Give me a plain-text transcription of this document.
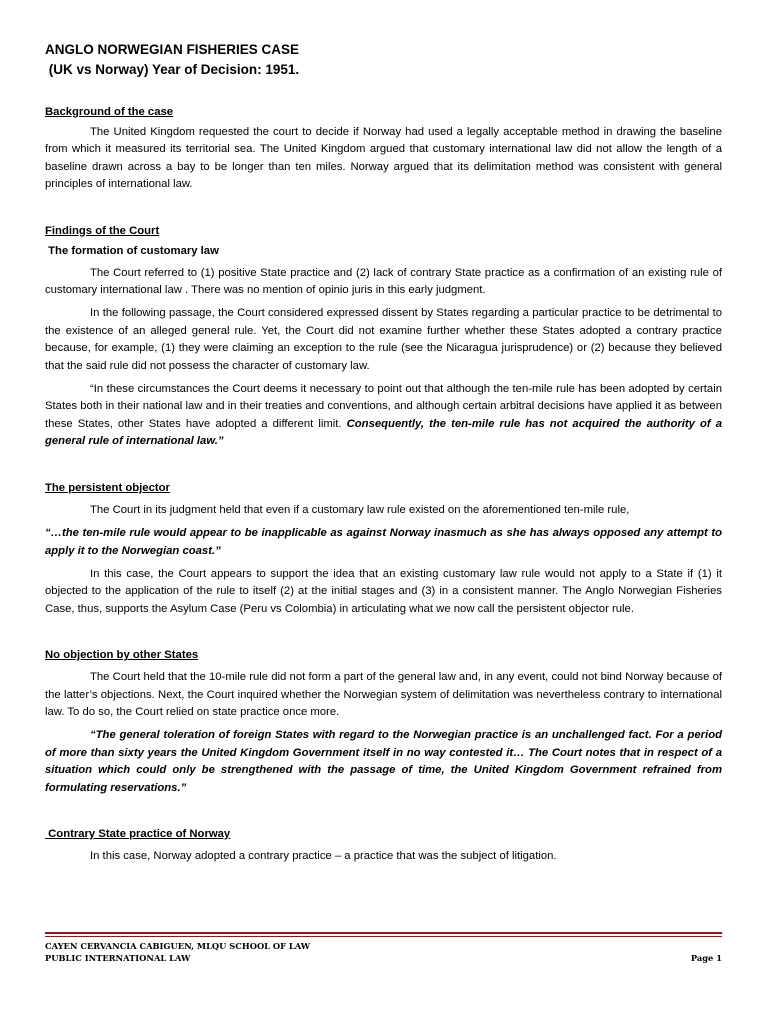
ANGLO NORWEGIAN FISHERIES CASE
(UK vs Norway) Year of Decision: 1951.
Background of the case

The United Kingdom requested the court to decide if Norway had used a legally acceptable method in drawing the baseline from which it measured its territorial sea. The United Kingdom argued that customary international law did not allow the length of a baseline drawn across a bay to be longer than ten miles. Norway argued that its delimitation method was consistent with general principles of international law.

Findings of the Court
The formation of customary law

The Court referred to (1) positive State practice and (2) lack of contrary State practice as a confirmation of an existing rule of customary international law . There was no mention of opinio juris in this early judgment.

In the following passage, the Court considered expressed dissent by States regarding a particular practice to be detrimental to the existence of an alleged general rule. Yet, the Court did not examine further whether these States adopted a contrary practice because, for example, (1) they were claiming an exception to the rule (see the Nicaragua jurisprudence) or (2) because they believed that the said rule did not possess the character of customary law.

“In these circumstances the Court deems it necessary to point out that although the ten-mile rule has been adopted by certain States both in their national law and in their treaties and conventions, and although certain arbitral decisions have applied it as between these States, other States have adopted a different limit. Consequently, the ten-mile rule has not acquired the authority of a general rule of international law.”

The persistent objector

The Court in its judgment held that even if a customary law rule existed on the aforementioned ten-mile rule,

“…the ten-mile rule would appear to be inapplicable as against Norway inasmuch as she has always opposed any attempt to apply it to the Norwegian coast.”

In this case, the Court appears to support the idea that an existing customary law rule would not apply to a State if (1) it objected to the application of the rule to itself (2) at the initial stages and (3) in a consistent manner. The Anglo Norwegian Fisheries Case, thus, supports the Asylum Case (Peru vs Colombia) in articulating what we now call the persistent objector rule.

No objection by other States

The Court held that the 10-mile rule did not form a part of the general law and, in any event, could not bind Norway because of the latter’s objections. Next, the Court inquired whether the Norwegian system of delimitation was nevertheless contrary to international law. To do so, the Court relied on state practice once more.

“The general toleration of foreign States with regard to the Norwegian practice is an unchallenged fact. For a period of more than sixty years the United Kingdom Government itself in no way contested it… The Court notes that in respect of a situation which could only be strengthened with the passage of time, the United Kingdom Government refrained from formulating reservations.”

Contrary State practice of Norway

In this case, Norway adopted a contrary practice – a practice that was the subject of litigation.

CAYEN CERVANCIA CABIGUEN, MLQU SCHOOL OF LAW
PUBLIC INTERNATIONAL LAW	Page 1
